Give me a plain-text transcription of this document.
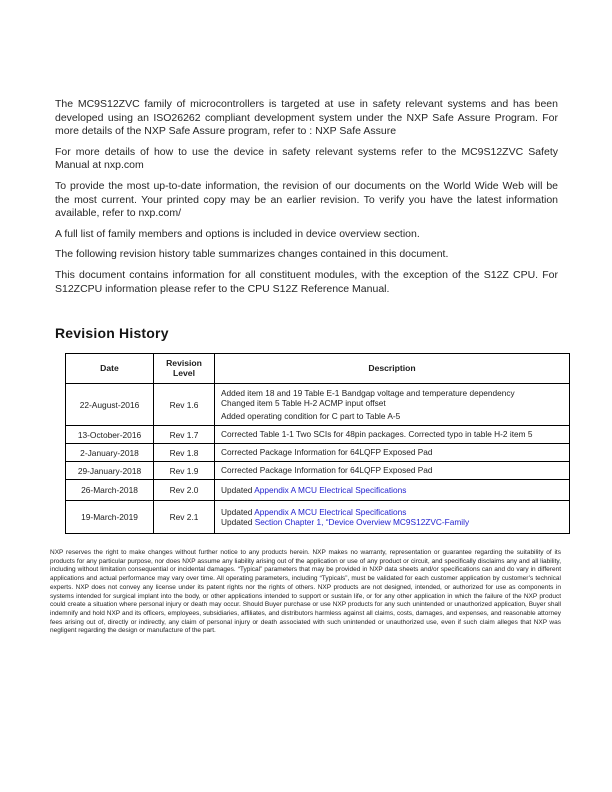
The MC9S12ZVC family of microcontrollers is targeted at use in safety relevant systems and has been developed using an ISO26262 compliant development system under the NXP Safe Assure Program. For more details of the NXP Safe Assure program, refer to : NXP Safe Assure

For more details of how to use the device in safety relevant systems refer to the MC9S12ZVC Safety Manual at nxp.com

To provide the most up-to-date information, the revision of our documents on the World Wide Web will be the most current. Your printed copy may be an earlier revision. To verify you have the latest information available, refer to nxp.com/

A full list of family members and options is included in device overview section.

The following revision history table summarizes changes contained in this document.

This document contains information for all constituent modules, with the exception of the S12Z CPU. For S12ZCPU information please refer to the CPU S12Z Reference Manual.

Revision History
Date	Revision Level	Description
22-August-2016	Rev 1.6	Added item 18 and 19 Table E-1 Bandgap voltage and temperature dependency
Changed item 5 Table H-2 ACMP input offset
Added operating condition for C part to Table A-5

13-October-2016	Rev 1.7	Corrected Table 1-1 Two SCIs for 48pin packages. Corrected typo in table H-2 item 5

2-January-2018	Rev 1.8	Corrected Package Information for 64LQFP Exposed Pad

29-January-2018	Rev 1.9	Corrected Package Information for 64LQFP Exposed Pad

26-March-2018	Rev 2.0	Updated Appendix A MCU Electrical Specifications

19-March-2019	Rev 2.1	Updated Appendix A MCU Electrical Specifications
Updated Section Chapter 1, “Device Overview MC9S12ZVC-Family
NXP reserves the right to make changes without further notice to any products herein. NXP makes no warranty, representation or guarantee regarding the suitability of its products for any particular purpose, nor does NXP assume any liability arising out of the application or use of any product or circuit, and specifically disclaims any and all liability, including without limitation consequential or incidental damages. “Typical” parameters that may be provided in NXP data sheets and/or specifications can and do vary in different applications and actual performance may vary over time. All operating parameters, including “Typicals”, must be validated for each customer application by customer’s technical experts. NXP does not convey any license under its patent rights nor the rights of others. NXP products are not designed, intended, or authorized for use as components in systems intended for surgical implant into the body, or other applications intended to support or sustain life, or for any other application in which the failure of the NXP product could create a situation where personal injury or death may occur. Should Buyer purchase or use NXP products for any such unintended or unauthorized application, Buyer shall indemnify and hold NXP and its officers, employees, subsidiaries, affiliates, and distributors harmless against all claims, costs, damages, and expenses, and reasonable attorney fees arising out of, directly or indirectly, any claim of personal injury or death associated with such unintended or unauthorized use, even if such claim alleges that NXP was negligent regarding the design or manufacture of the part.
